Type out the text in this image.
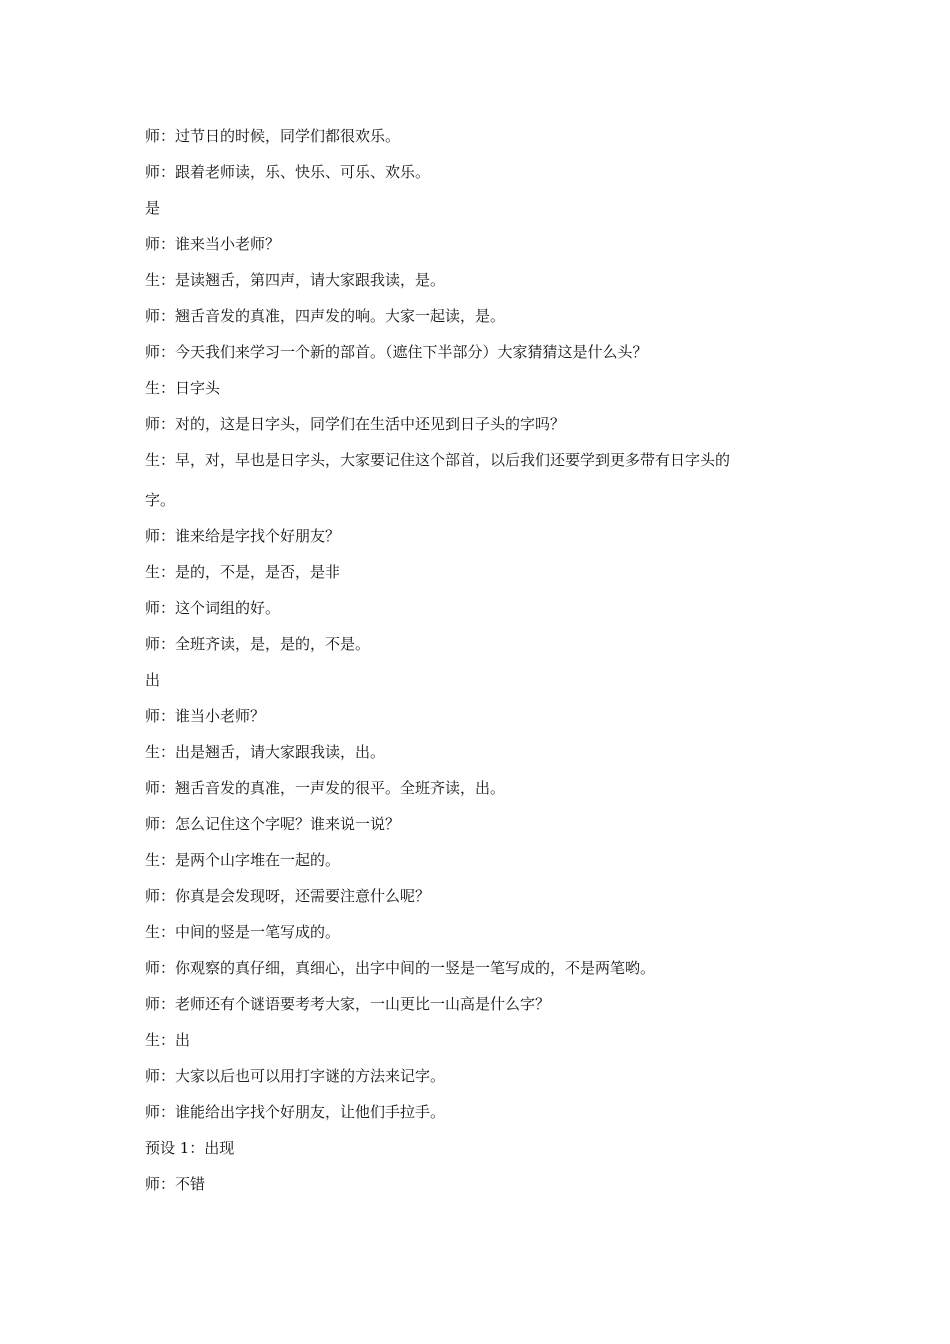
师：过节日的时候，同学们都很欢乐。
师：跟着老师读，乐、快乐、可乐、欢乐。
是
师：谁来当小老师？
生：是读翘舌，第四声，请大家跟我读，是。
师：翘舌音发的真准，四声发的响。大家一起读，是。
师：今天我们来学习一个新的部首。（遮住下半部分）大家猜猜这是什么头？
生：日字头
师：对的，这是日字头，同学们在生活中还见到日子头的字吗？
生：早，对，早也是日字头，大家要记住这个部首，以后我们还要学到更多带有日字头的
字。
师：谁来给是字找个好朋友？
生：是的，不是，是否，是非
师：这个词组的好。
师：全班齐读，是，是的，不是。
出
师：谁当小老师？
生：出是翘舌，请大家跟我读，出。
师：翘舌音发的真准，一声发的很平。全班齐读，出。
师：怎么记住这个字呢？谁来说一说？
生：是两个山字堆在一起的。
师：你真是会发现呀，还需要注意什么呢？
生：中间的竖是一笔写成的。
师：你观察的真仔细，真细心，出字中间的一竖是一笔写成的，不是两笔哟。
师：老师还有个谜语要考考大家，一山更比一山高是什么字？
生：出
师：大家以后也可以用打字谜的方法来记字。
师：谁能给出字找个好朋友，让他们手拉手。
预设 1：出现
师：不错
